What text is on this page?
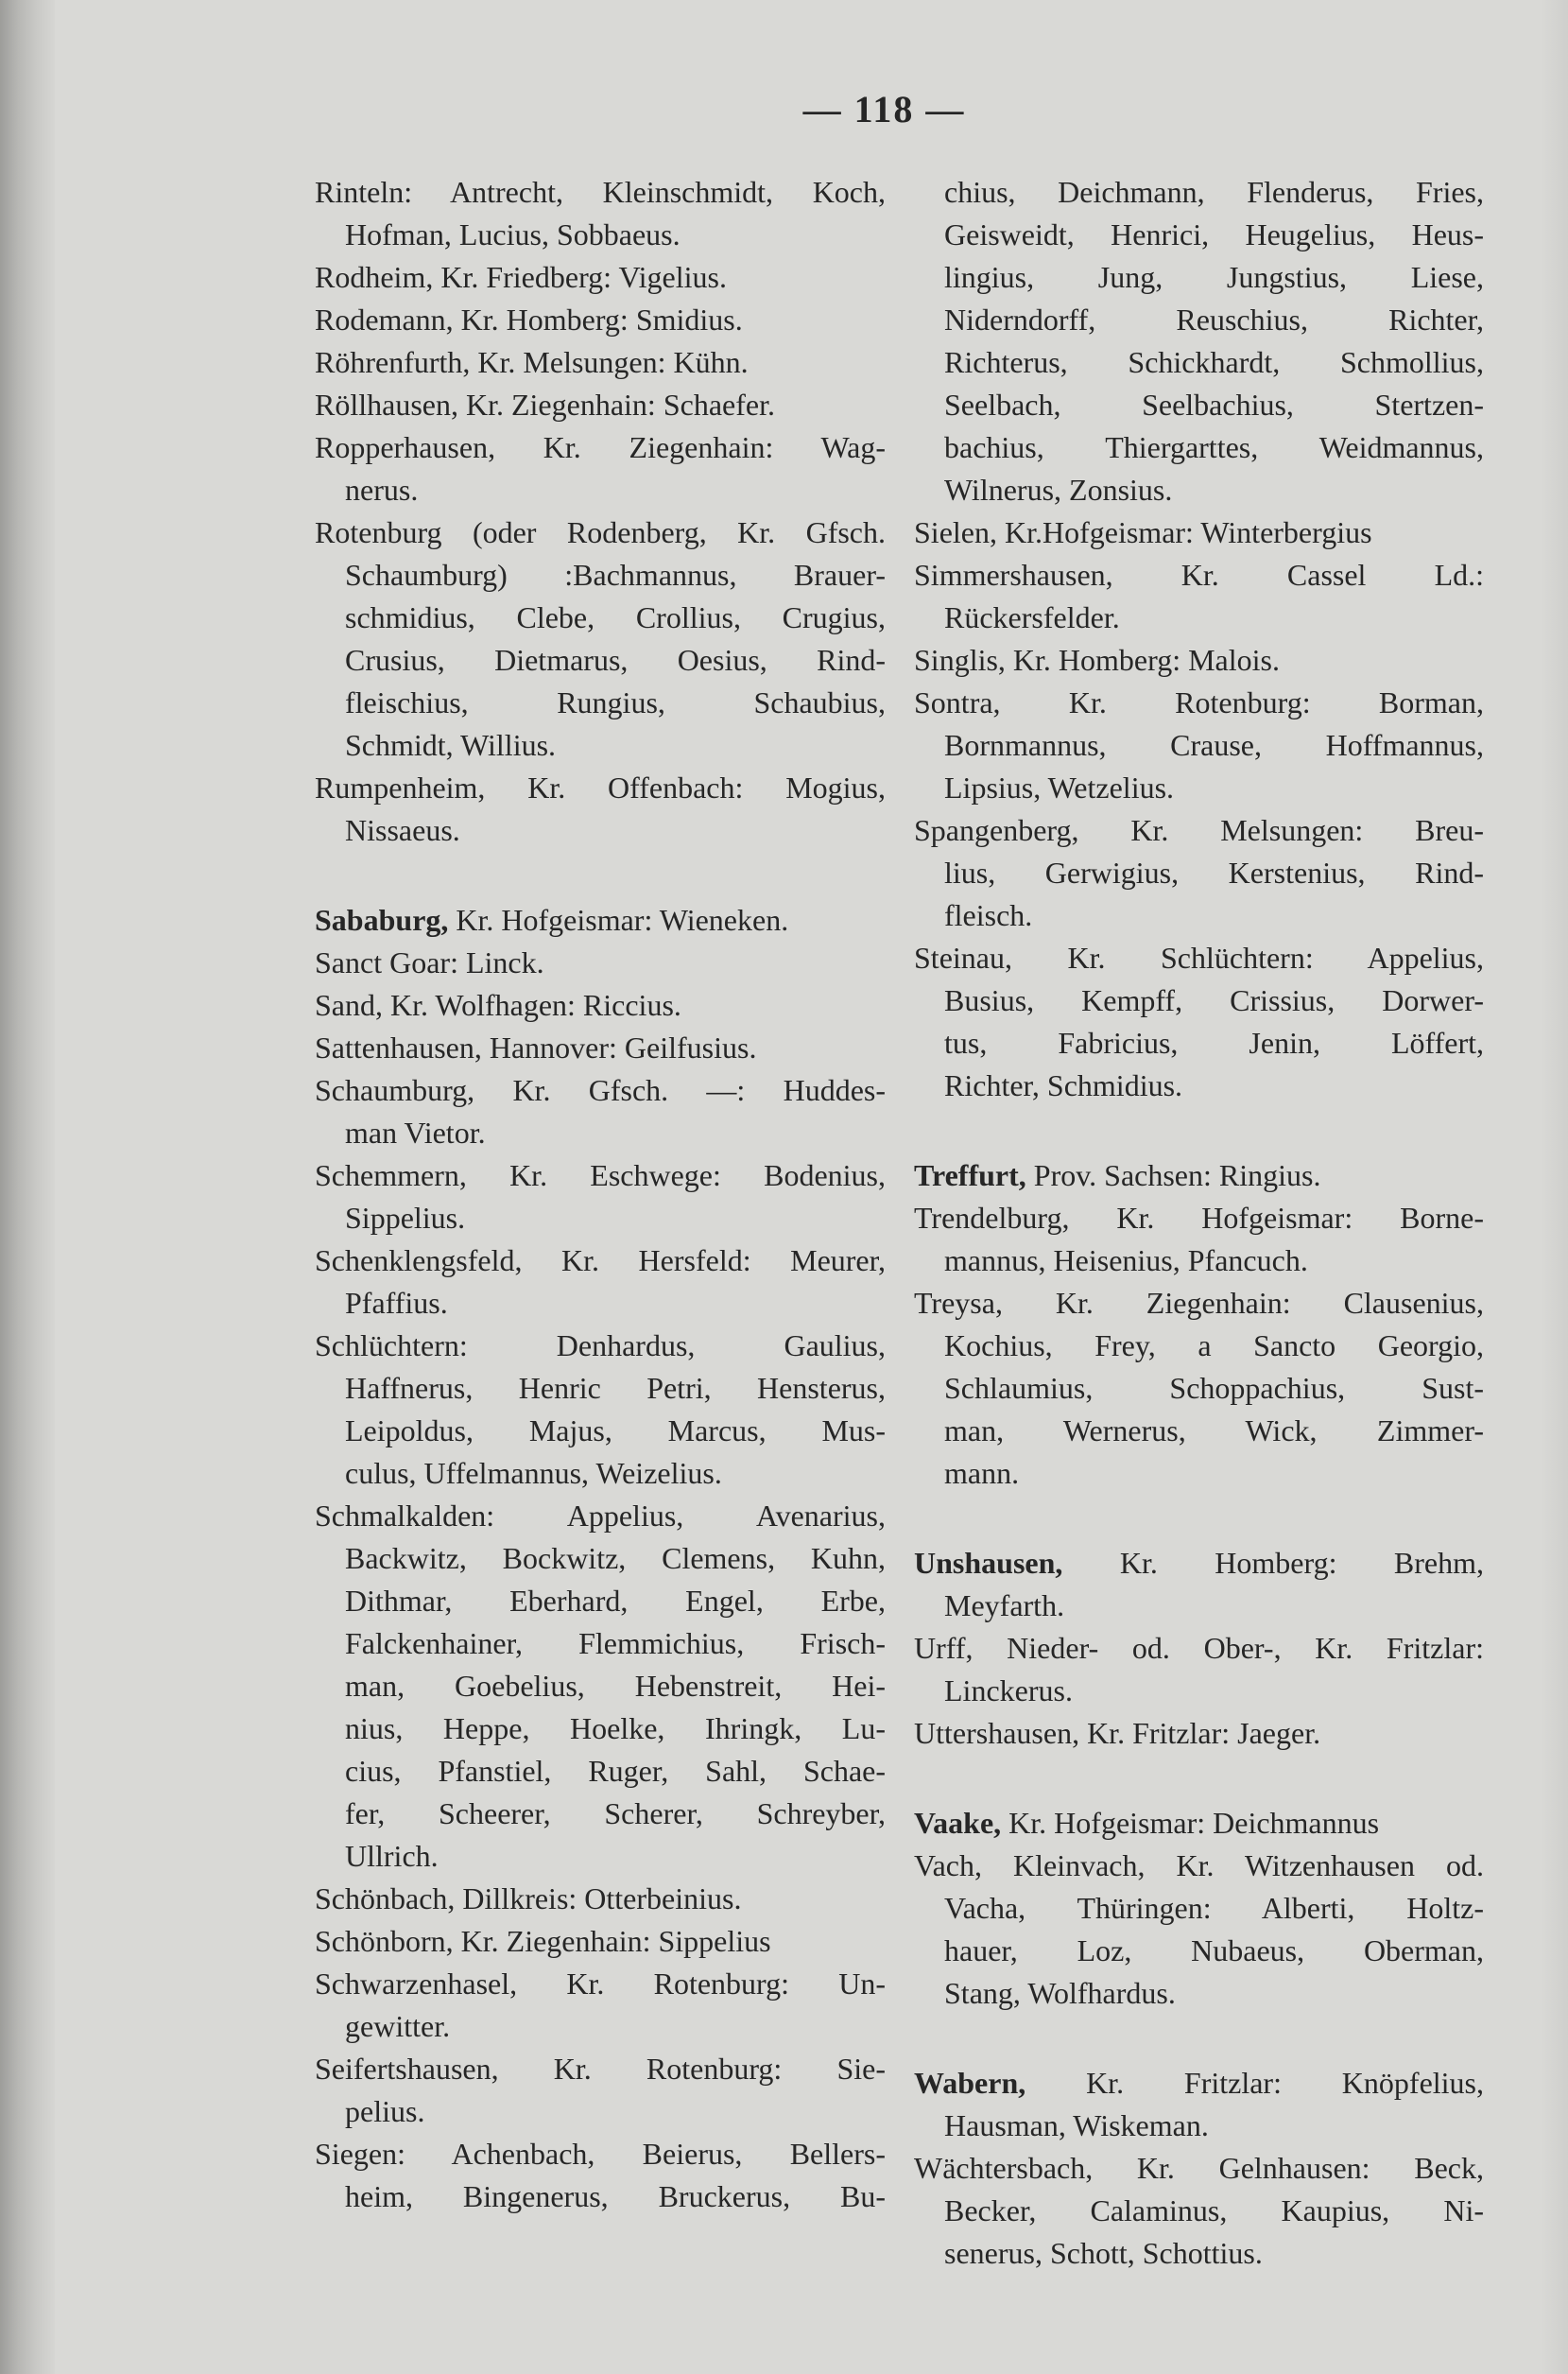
— 118 —
Rinteln: Antrecht, Kleinschmidt, Koch,
Hofman, Lucius, Sobbaeus.
Rodheim, Kr. Friedberg: Vigelius.
Rodemann, Kr. Homberg: Smidius.
Röhrenfurth, Kr. Melsungen: Kühn.
Röllhausen, Kr. Ziegenhain: Schaefer.
Ropperhausen, Kr. Ziegenhain: Wag-
nerus.
Rotenburg (oder Rodenberg, Kr. Gfsch.
Schaumburg) :Bachmannus, Brauer-
schmidius, Clebe, Crollius, Crugius,
Crusius, Dietmarus, Oesius, Rind-
fleischius, Rungius, Schaubius,
Schmidt, Willius.
Rumpenheim, Kr. Offenbach: Mogius,
Nissaeus.
Sababurg, Kr. Hofgeismar: Wieneken.
Sanct Goar: Linck.
Sand, Kr. Wolfhagen: Riccius.
Sattenhausen, Hannover: Geilfusius.
Schaumburg, Kr. Gfsch. —: Huddes-
man Vietor.
Schemmern, Kr. Eschwege: Bodenius,
Sippelius.
Schenklengsfeld, Kr. Hersfeld: Meurer,
Pfaffius.
Schlüchtern: Denhardus, Gaulius,
Haffnerus, Henric Petri, Hensterus,
Leipoldus, Majus, Marcus, Mus-
culus, Uffelmannus, Weizelius.
Schmalkalden: Appelius, Avenarius,
Backwitz, Bockwitz, Clemens, Kuhn,
Dithmar, Eberhard, Engel, Erbe,
Falckenhainer, Flemmichius, Frisch-
man, Goebelius, Hebenstreit, Hei-
nius, Heppe, Hoelke, Ihringk, Lu-
cius, Pfanstiel, Ruger, Sahl, Schae-
fer, Scheerer, Scherer, Schreyber,
Ullrich.
Schönbach, Dillkreis: Otterbeinius.
Schönborn, Kr. Ziegenhain: Sippelius
Schwarzenhasel, Kr. Rotenburg: Un-
gewitter.
Seifertshausen, Kr. Rotenburg: Sie-
pelius.
Siegen: Achenbach, Beierus, Bellers-
heim, Bingenerus, Bruckerus, Bu-
chius, Deichmann, Flenderus, Fries,
Geisweidt, Henrici, Heugelius, Heus-
lingius, Jung, Jungstius, Liese,
Niderndorff, Reuschius, Richter,
Richterus, Schickhardt, Schmollius,
Seelbach, Seelbachius, Stertzen-
bachius, Thiergarttes, Weidmannus,
Wilnerus, Zonsius.
Sielen, Kr.Hofgeismar: Winterbergius
Simmershausen, Kr. Cassel Ld.:
Rückersfelder.
Singlis, Kr. Homberg: Malois.
Sontra, Kr. Rotenburg: Borman,
Bornmannus, Crause, Hoffmannus,
Lipsius, Wetzelius.
Spangenberg, Kr. Melsungen: Breu-
lius, Gerwigius, Kerstenius, Rind-
fleisch.
Steinau, Kr. Schlüchtern: Appelius,
Busius, Kempff, Crissius, Dorwer-
tus, Fabricius, Jenin, Löffert,
Richter, Schmidius.
Treffurt, Prov. Sachsen: Ringius.
Trendelburg, Kr. Hofgeismar: Borne-
mannus, Heisenius, Pfancuch.
Treysa, Kr. Ziegenhain: Clausenius,
Kochius, Frey, a Sancto Georgio,
Schlaumius, Schoppachius, Sust-
man, Wernerus, Wick, Zimmer-
mann.
Unshausen, Kr. Homberg: Brehm,
Meyfarth.
Urff, Nieder- od. Ober-, Kr. Fritzlar:
Linckerus.
Uttershausen, Kr. Fritzlar: Jaeger.
Vaake, Kr. Hofgeismar: Deichmannus
Vach, Kleinvach, Kr. Witzenhausen od.
Vacha, Thüringen: Alberti, Holtz-
hauer, Loz, Nubaeus, Oberman,
Stang, Wolfhardus.
Wabern, Kr. Fritzlar: Knöpfelius,
Hausman, Wiskeman.
Wächtersbach, Kr. Gelnhausen: Beck,
Becker, Calaminus, Kaupius, Ni-
senerus, Schott, Schottius.
